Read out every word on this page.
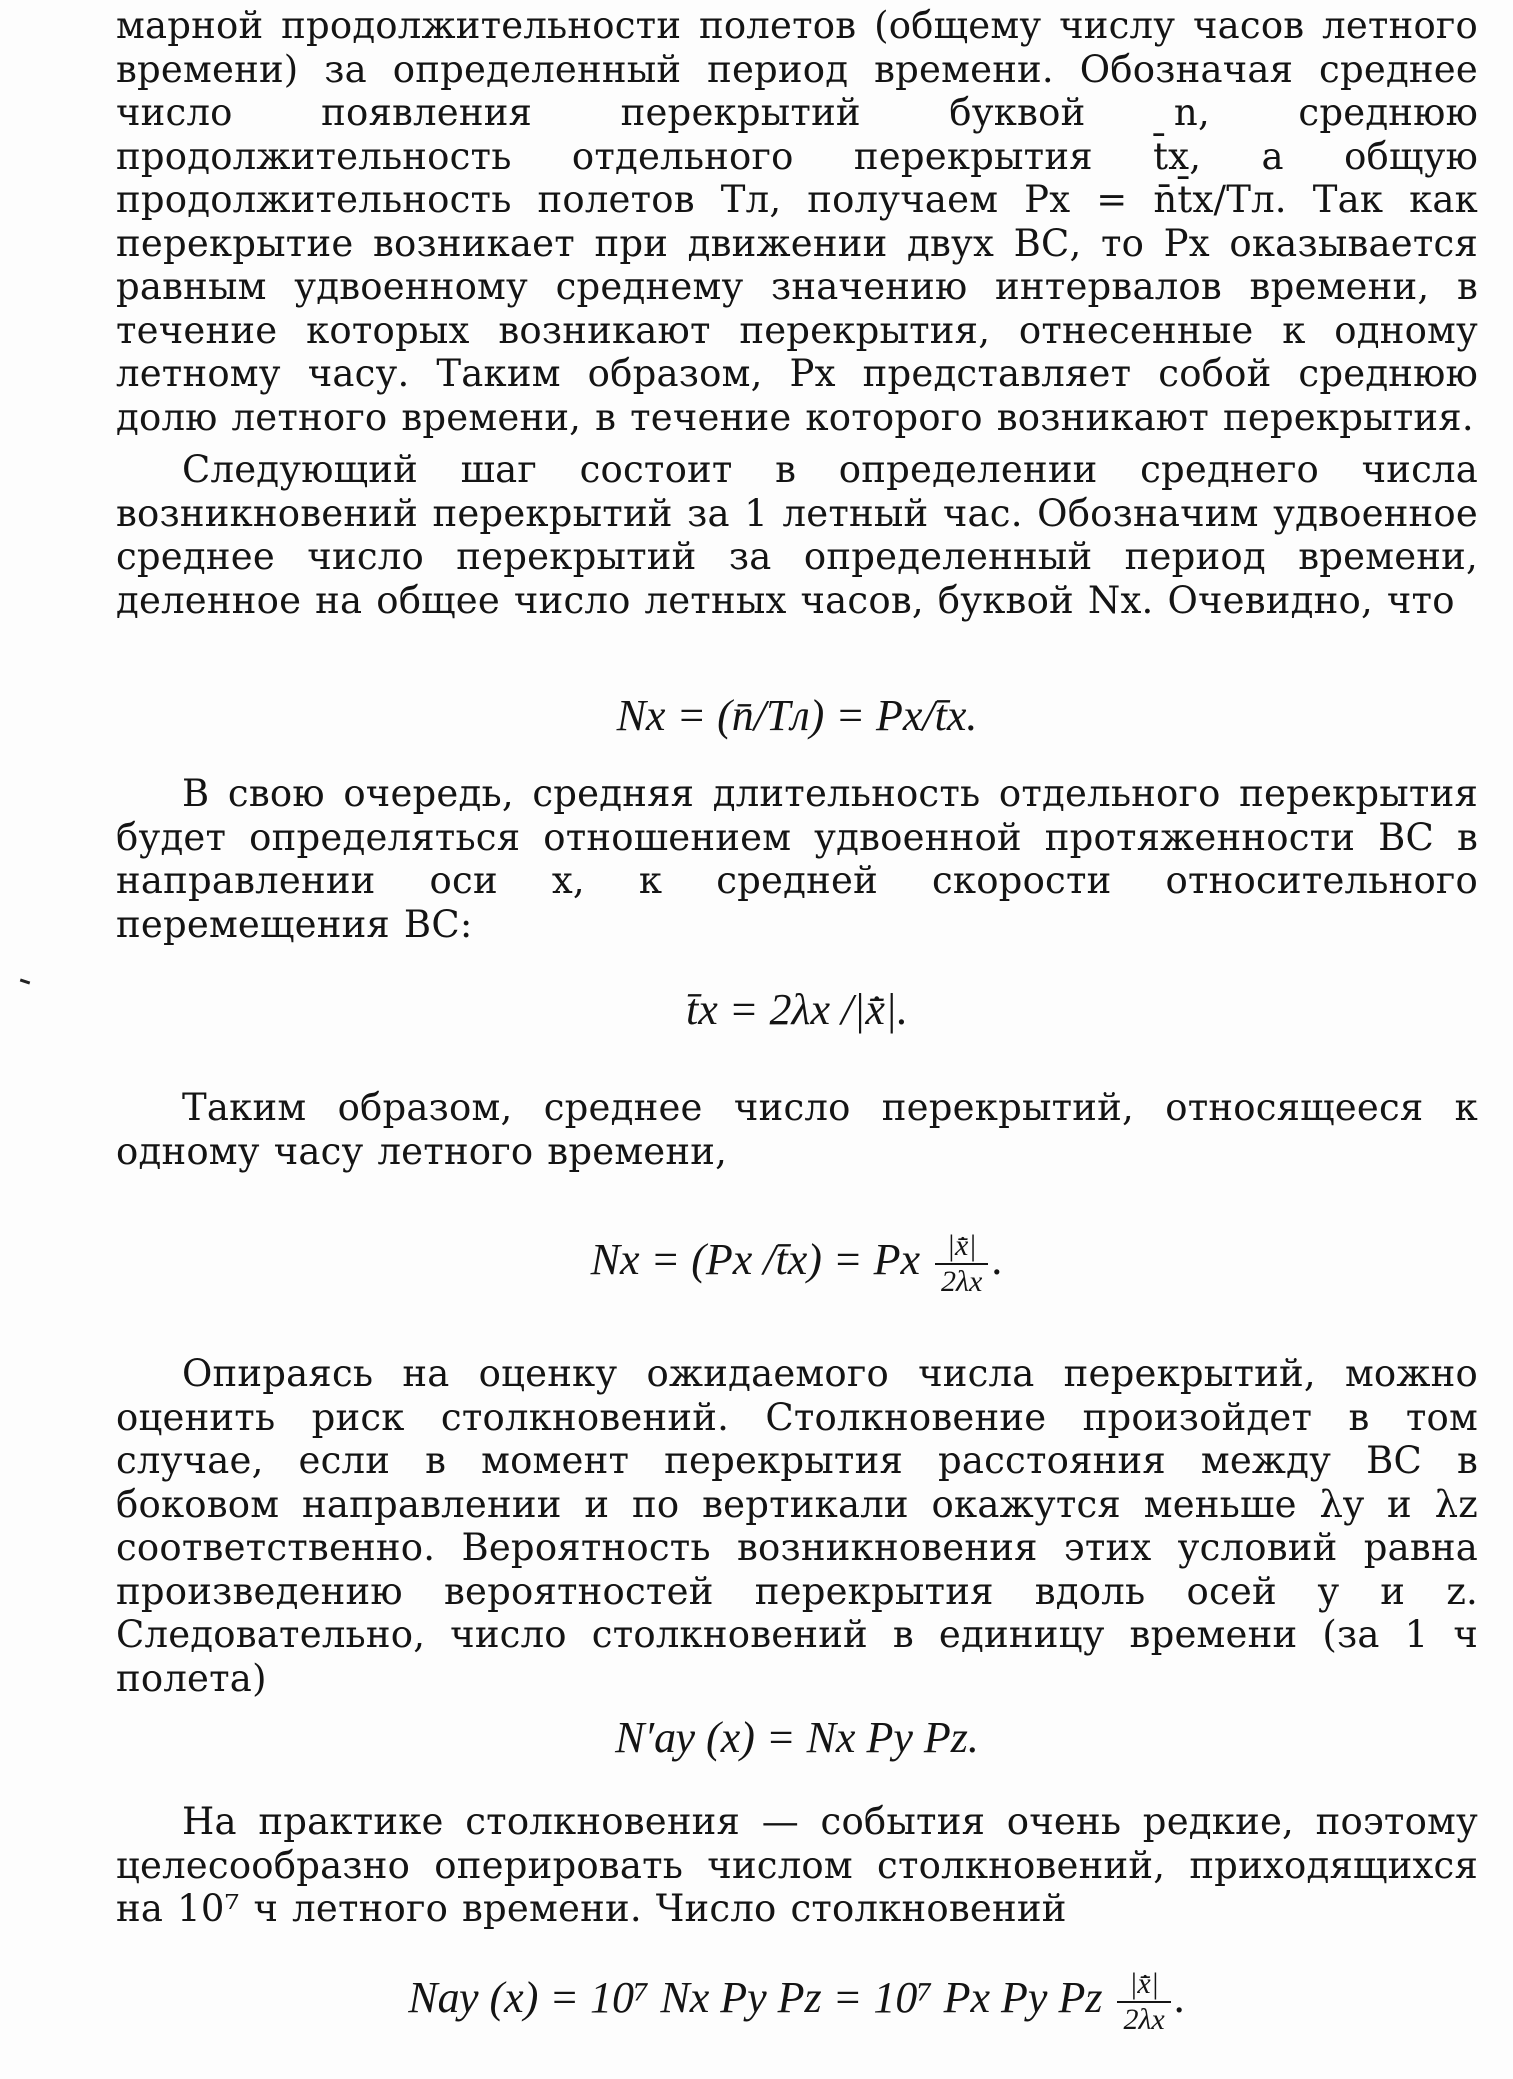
марной продолжительности полетов (общему числу часов летного времени) за определенный период времени. Обозначая среднее число появления перекрытий буквой n, среднюю продолжительность отдельного перекрытия t̄x, а общую продолжительность полетов Tл, получаем Px = n̄t̄x/Tл. Так как перекрытие возникает при движении двух ВС, то Px оказывается равным удвоенному среднему значению интервалов времени, в течение которых возникают перекрытия, отнесенные к одному летному часу. Таким образом, Px представляет собой среднюю долю летного времени, в течение которого возникают перекрытия.

Следующий шаг состоит в определении среднего числа возникновений перекрытий за 1 летный час. Обозначим удвоенное среднее число перекрытий за определенный период времени, деленное на общее число летных часов, буквой Nx. Очевидно, что

Nx = (n̄/Tл) = Px/t̄x.

В свою очередь, средняя длительность отдельного перекрытия будет определяться отношением удвоенной протяженности ВС в направлении оси x, к средней скорости относительного перемещения ВС:

t̄x = 2λx /|x̄̇|.

Таким образом, среднее число перекрытий, относящееся к одному часу летного времени,

Nx = (Px /t̄x) = Px $\frac{|x̄̇|}{2\lambda x}$ .

Опираясь на оценку ожидаемого числа перекрытий, можно оценить риск столкновений. Столкновение произойдет в том случае, если в момент перекрытия расстояния между ВС в боковом направлении и по вертикали окажутся меньше λy и λz соответственно. Вероятность возникновения этих условий равна произведению вероятностей перекрытия вдоль осей y и z. Следовательно, число столкновений в единицу времени (за 1 ч полета)

N′ау (x) = Nx Py Pz.

На практике столкновения — события очень редкие, поэтому целесообразно оперировать числом столкновений, приходящихся на 10⁷ ч летного времени. Число столкновений

Nау (x) = 10⁷ Nx Py Pz = 10⁷ Px Py Pz $\frac{|x̄̇|}{2\lambda x}$ .
